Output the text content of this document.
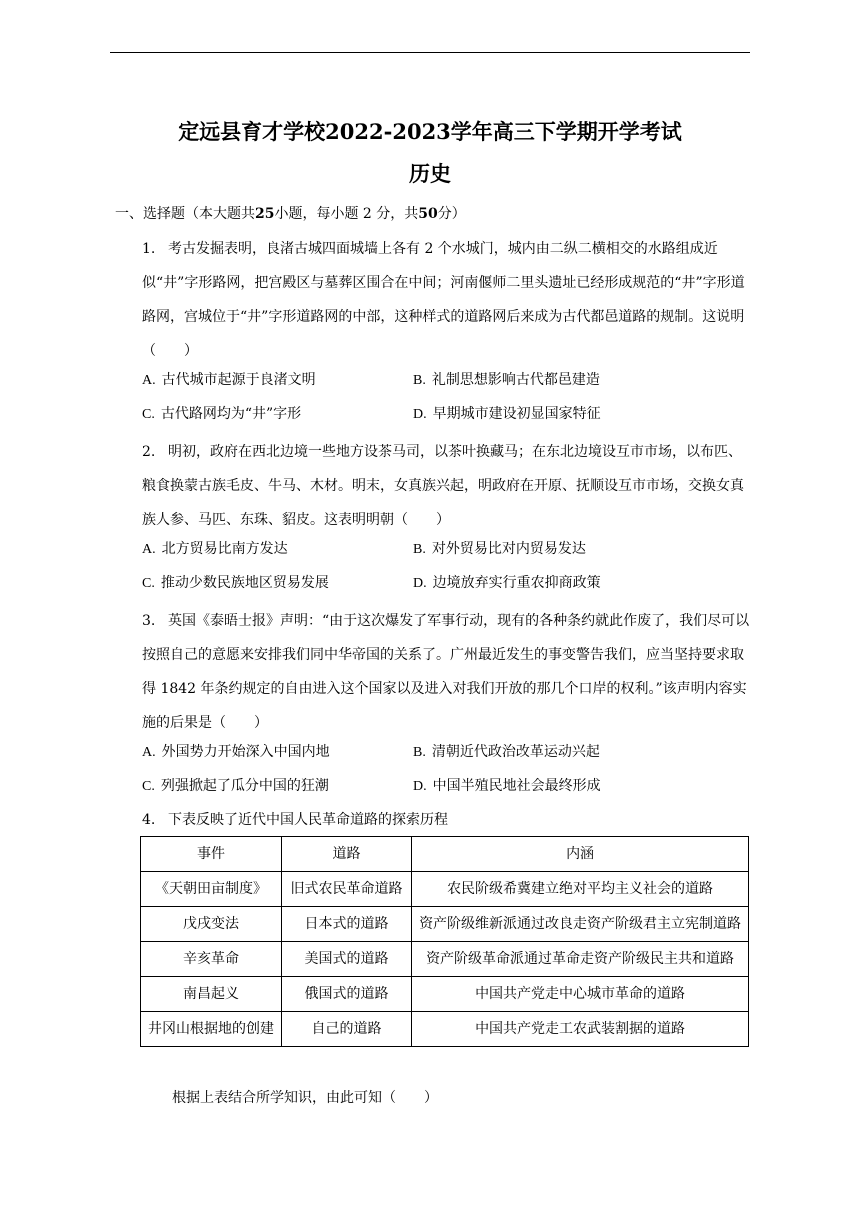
定远县育才学校2022-2023学年高三下学期开学考试
历史
一、选择题（本大题共25小题，每小题 2 分，共50分）
1. 考古发掘表明，良渚古城四面城墙上各有 2 个水城门，城内由二纵二横相交的水路组成近似“井”字形路网，把宫殿区与墓葬区围合在中间；河南偃师二里头遗址已经形成规范的“井”字形道路网，宫城位于“井”字形道路网的中部，这种样式的道路网后来成为古代都邑道路的规制。这说明（　　）
A. 古代城市起源于良渚文明	B. 礼制思想影响古代都邑建造
C. 古代路网均为“井”字形	D. 早期城市建设初显国家特征
2. 明初，政府在西北边境一些地方设茶马司，以茶叶换藏马；在东北边境设互市市场，以布匹、粮食换蒙古族毛皮、牛马、木材。明末，女真族兴起，明政府在开原、抚顺设互市市场，交换女真族人参、马匹、东珠、貂皮。这表明明朝（　　）
A. 北方贸易比南方发达	B. 对外贸易比对内贸易发达
C. 推动少数民族地区贸易发展	D. 边境放弃实行重农抑商政策
3. 英国《泰晤士报》声明：“由于这次爆发了军事行动，现有的各种条约就此作废了，我们尽可以按照自己的意愿来安排我们同中华帝国的关系了。广州最近发生的事变警告我们，应当坚持要求取得 1842 年条约规定的自由进入这个国家以及进入对我们开放的那几个口岸的权利。”该声明内容实施的后果是（　　）
A. 外国势力开始深入中国内地	B. 清朝近代政治改革运动兴起
C. 列强掀起了瓜分中国的狂潮	D. 中国半殖民地社会最终形成
4. 下表反映了近代中国人民革命道路的探索历程
事件	道路	内涵
《天朝田亩制度》	旧式农民革命道路	农民阶级希冀建立绝对平均主义社会的道路
戊戌变法	日本式的道路	资产阶级维新派通过改良走资产阶级君主立宪制道路
辛亥革命	美国式的道路	资产阶级革命派通过革命走资产阶级民主共和道路
南昌起义	俄国式的道路	中国共产党走中心城市革命的道路
井冈山根据地的创建	自己的道路	中国共产党走工农武装割据的道路
根据上表结合所学知识，由此可知（　　）
